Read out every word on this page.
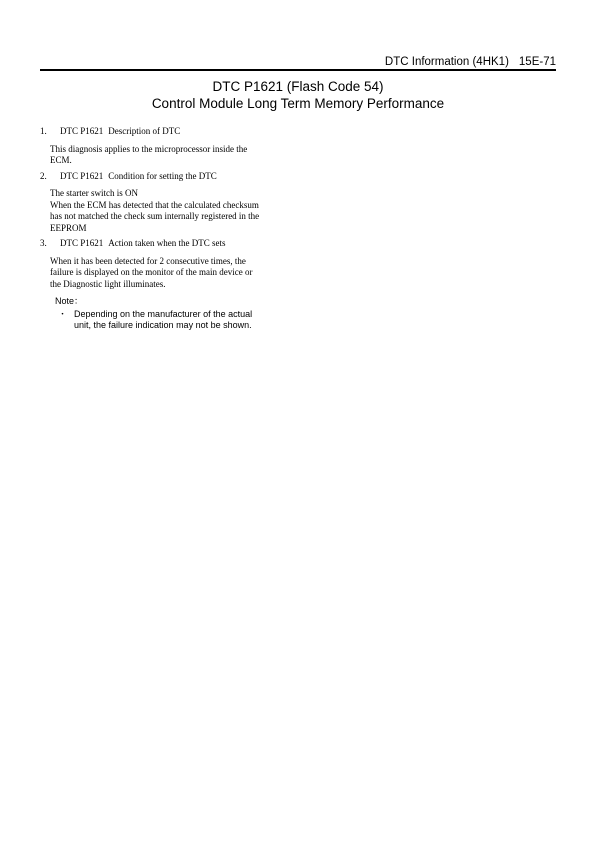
DTC Information (4HK1) 15E-71
DTC P1621 (Flash Code 54)
Control Module Long Term Memory Performance
1. DTC P1621 Description of DTC
This diagnosis applies to the microprocessor inside the
ECM.
2. DTC P1621 Condition for setting the DTC
The starter switch is ON
When the ECM has detected that the calculated checksum
has not matched the check sum internally registered in the
EEPROM
3. DTC P1621 Action taken when the DTC sets
When it has been detected for 2 consecutive times, the
failure is displayed on the monitor of the main device or
the Diagnostic light illuminates.
Note：
・ Depending on the manufacturer of the actual
unit, the failure indication may not be shown.
